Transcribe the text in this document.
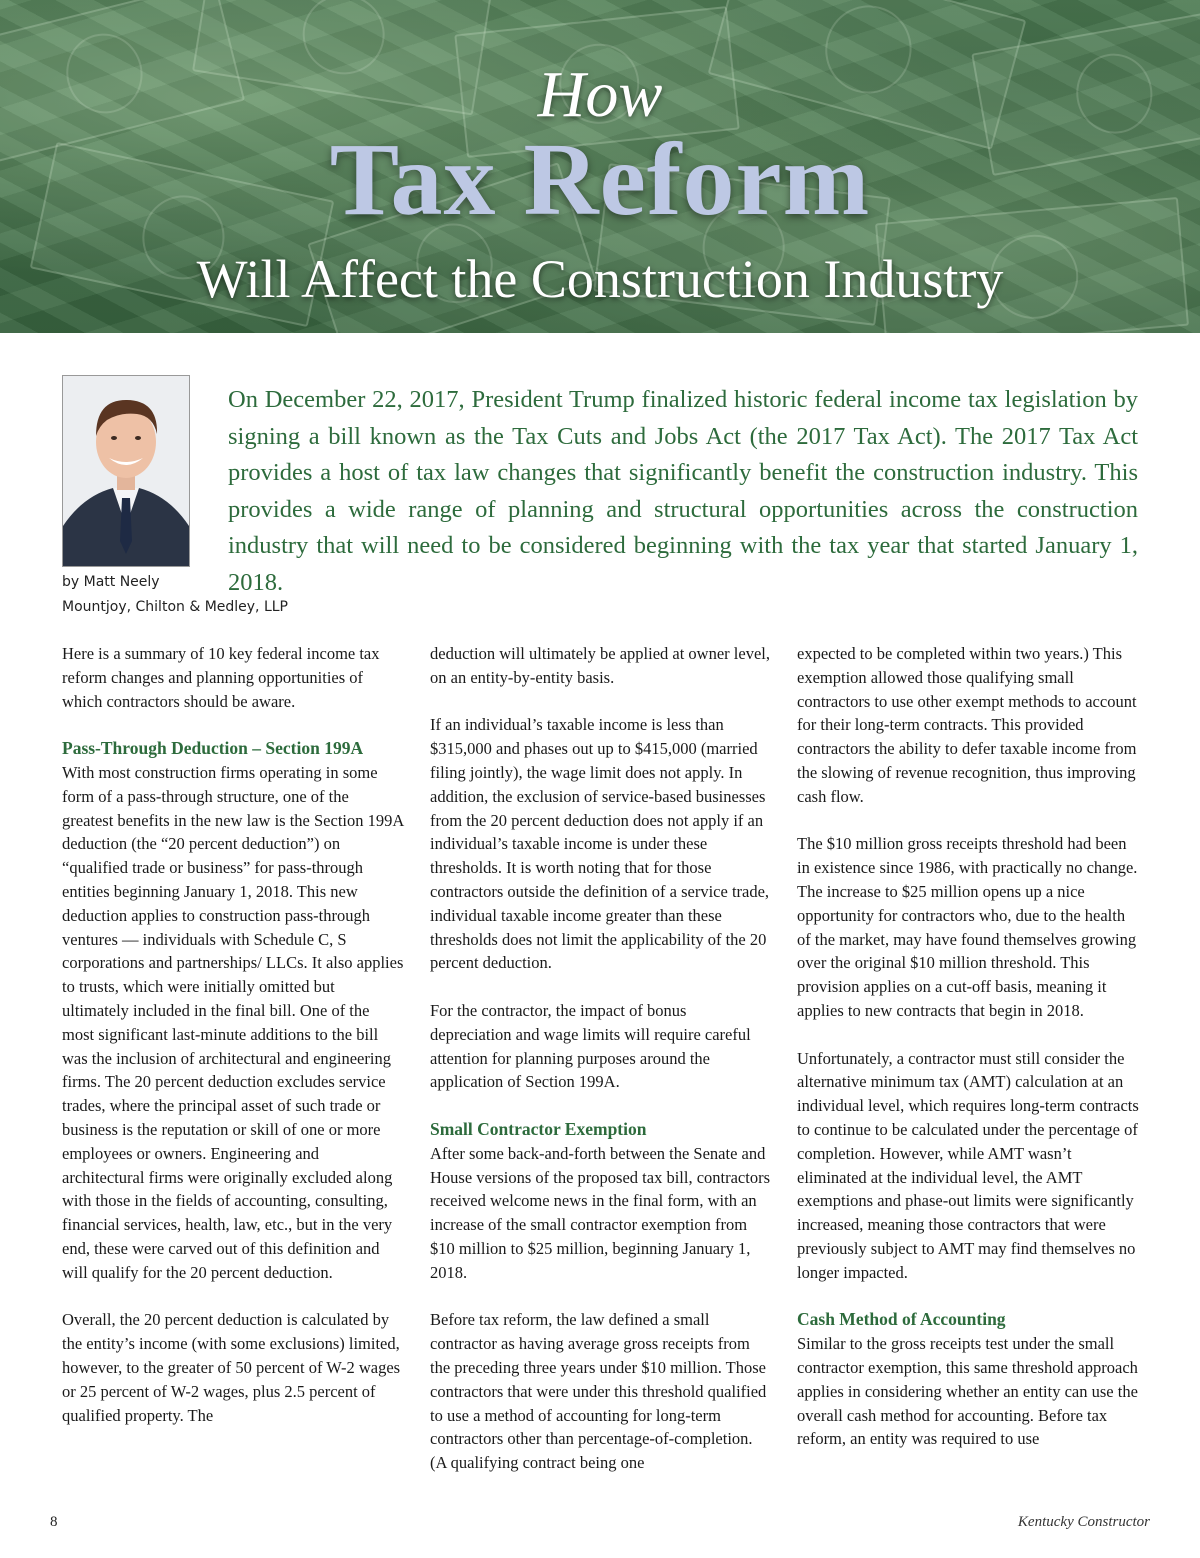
How
Tax Reform
Will Affect the Construction Industry
by Matt Neely
Mountjoy, Chilton & Medley, LLP
On December 22, 2017, President Trump finalized historic federal income tax legislation by signing a bill known as the Tax Cuts and Jobs Act (the 2017 Tax Act). The 2017 Tax Act provides a host of tax law changes that significantly benefit the construction industry. This provides a wide range of planning and structural opportunities across the construction industry that will need to be considered beginning with the tax year that started January 1, 2018.

Here is a summary of 10 key federal income tax reform changes and planning opportunities of which contractors should be aware.

Pass-Through Deduction – Section 199A

With most construction firms operating in some form of a pass-through structure, one of the greatest benefits in the new law is the Section 199A deduction (the “20 percent deduction”) on “qualified trade or business” for pass-through entities beginning January 1, 2018. This new deduction applies to construction pass-through ventures — individuals with Schedule C, S corporations and partnerships/ LLCs. It also applies to trusts, which were initially omitted but ultimately included in the final bill. One of the most significant last-minute additions to the bill was the inclusion of architectural and engineering firms. The 20 percent deduction excludes service trades, where the principal asset of such trade or business is the reputation or skill of one or more employees or owners. Engineering and architectural firms were originally excluded along with those in the fields of accounting, consulting, financial services, health, law, etc., but in the very end, these were carved out of this definition and will qualify for the 20 percent deduction.

Overall, the 20 percent deduction is calculated by the entity’s income (with some exclusions) limited, however, to the greater of 50 percent of W-2 wages or 25 percent of W-2 wages, plus 2.5 percent of qualified property. The

deduction will ultimately be applied at owner level, on an entity-by-entity basis.

If an individual’s taxable income is less than $315,000 and phases out up to $415,000 (married filing jointly), the wage limit does not apply. In addition, the exclusion of service-based businesses from the 20 percent deduction does not apply if an individual’s taxable income is under these thresholds. It is worth noting that for those contractors outside the definition of a service trade, individual taxable income greater than these thresholds does not limit the applicability of the 20 percent deduction.

For the contractor, the impact of bonus depreciation and wage limits will require careful attention for planning purposes around the application of Section 199A.

Small Contractor Exemption

After some back-and-forth between the Senate and House versions of the proposed tax bill, contractors received welcome news in the final form, with an increase of the small contractor exemption from $10 million to $25 million, beginning January 1, 2018.

Before tax reform, the law defined a small contractor as having average gross receipts from the preceding three years under $10 million. Those contractors that were under this threshold qualified to use a method of accounting for long-term contractors other than percentage-of-completion. (A qualifying contract being one

expected to be completed within two years.) This exemption allowed those qualifying small contractors to use other exempt methods to account for their long-term contracts. This provided contractors the ability to defer taxable income from the slowing of revenue recognition, thus improving cash flow.

The $10 million gross receipts threshold had been in existence since 1986, with practically no change. The increase to $25 million opens up a nice opportunity for contractors who, due to the health of the market, may have found themselves growing over the original $10 million threshold. This provision applies on a cut-off basis, meaning it applies to new contracts that begin in 2018.

Unfortunately, a contractor must still consider the alternative minimum tax (AMT) calculation at an individual level, which requires long-term contracts to continue to be calculated under the percentage of completion. However, while AMT wasn’t eliminated at the individual level, the AMT exemptions and phase-out limits were significantly increased, meaning those contractors that were previously subject to AMT may find themselves no longer impacted.

Cash Method of Accounting

Similar to the gross receipts test under the small contractor exemption, this same threshold approach applies in considering whether an entity can use the overall cash method for accounting. Before tax reform, an entity was required to use

8	Kentucky Constructor
